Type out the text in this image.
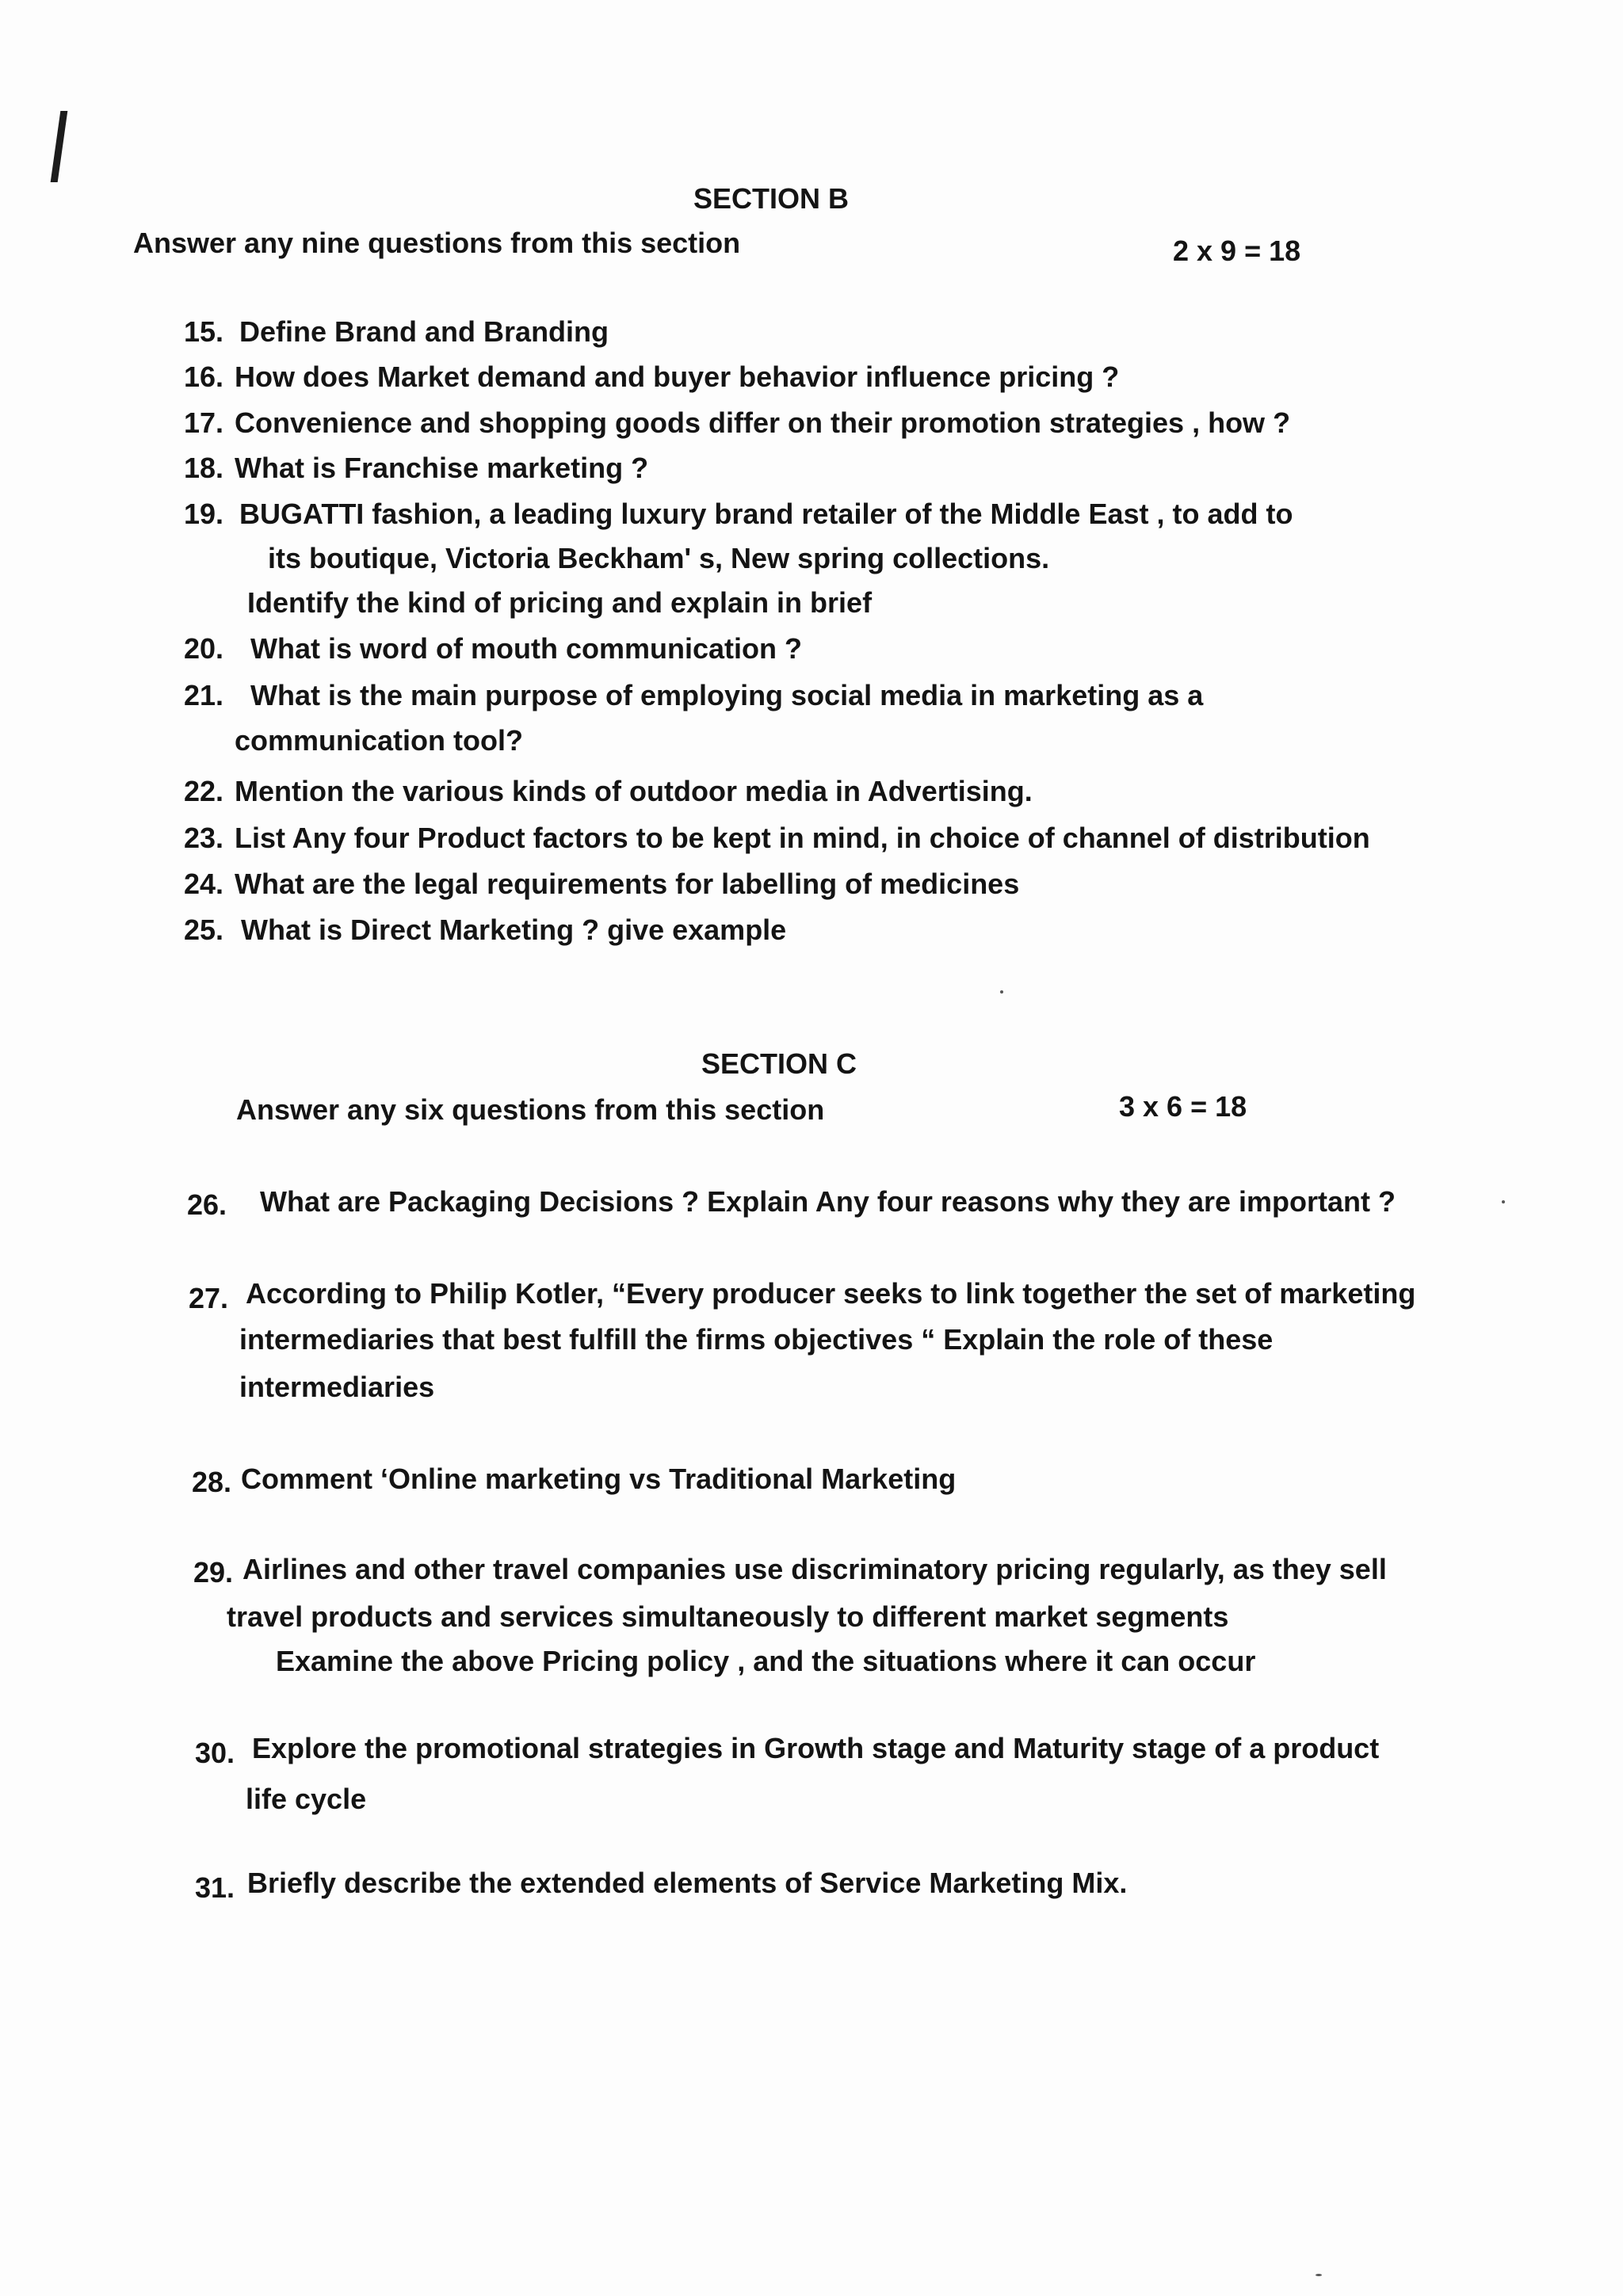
SECTION B
Answer any nine questions from this section	2 x 9 = 18
15. Define Brand and Branding
16. How does Market demand and buyer behavior influence pricing ?
17. Convenience and shopping goods differ on their promotion strategies , how ?
18. What is Franchise marketing ?
19. BUGATTI fashion, a leading luxury brand retailer of the Middle East , to add to
its boutique, Victoria Beckham' s, New spring collections.
Identify the kind of pricing and explain in brief
20. What is word of mouth communication ?
21. What is the main purpose of employing social media in marketing as a
communication tool?
22. Mention the various kinds of outdoor media in Advertising.
23. List Any four Product factors to be kept in mind, in choice of channel of distribution
24. What are the legal requirements for labelling of medicines
25. What is Direct Marketing ? give example
SECTION C
Answer any six questions from this section	3 x 6 = 18
26. What are Packaging Decisions ? Explain Any four reasons why they are important ?
27. According to Philip Kotler, “Every producer seeks to link together the set of marketing
intermediaries that best fulfill the firms objectives “ Explain the role of these
intermediaries
28. Comment ‘Online marketing vs Traditional Marketing
29. Airlines and other travel companies use discriminatory pricing regularly, as they sell
travel products and services simultaneously to different market segments
Examine the above Pricing policy , and the situations where it can occur
30. Explore the promotional strategies in Growth stage and Maturity stage of a product
life cycle
31. Briefly describe the extended elements of Service Marketing Mix.
